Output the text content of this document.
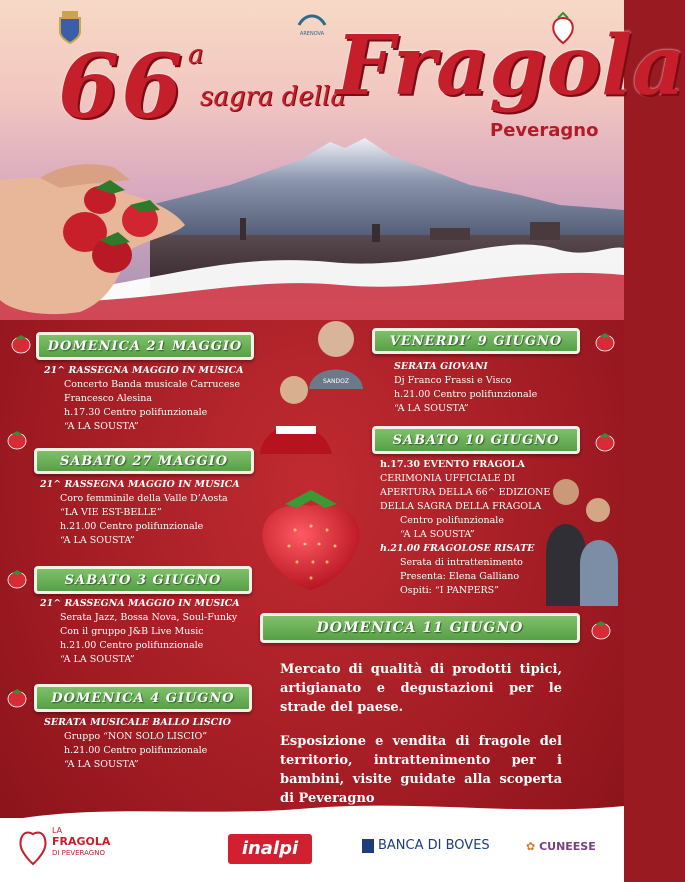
ARENOVA
66 a
sagra della
Fragola
Peveragno
SANDOZ
DOMENICA 21 MAGGIO
21^ RASSEGNA MAGGIO IN MUSICA
Concerto Banda musicale Carrucese
Francesco Alesina
h.17.30 Centro polifunzionale
“A LA SOUSTA”
SABATO 27 MAGGIO
21^ RASSEGNA MAGGIO IN MUSICA
Coro femminile della Valle D’Aosta
“LA VIE EST-BELLE”
h.21.00 Centro polifunzionale
“A LA SOUSTA”
SABATO 3 GIUGNO
21^ RASSEGNA MAGGIO IN MUSICA
Serata Jazz, Bossa Nova, Soul-Funky
Con il gruppo J&B Live Music
h.21.00 Centro polifunzionale
“A LA SOUSTA”
DOMENICA 4 GIUGNO
SERATA MUSICALE BALLO LISCIO
Gruppo “NON SOLO LISCIO”
h.21.00 Centro polifunzionale
“A LA SOUSTA”
VENERDI’ 9 GIUGNO
SERATA GIOVANI
Dj Franco Frassi e Visco
h.21.00 Centro polifunzionale
“A LA SOUSTA”
SABATO 10 GIUGNO
h.17.30 EVENTO FRAGOLA
CERIMONIA UFFICIALE DI
APERTURA DELLA 66^ EDIZIONE
DELLA SAGRA DELLA FRAGOLA
Centro polifunzionale
“A LA SOUSTA”
h.21.00 FRAGOLOSE RISATE
Serata di intrattenimento
Presenta: Elena Galliano
Ospiti: “I PANPERS”
DOMENICA 11 GIUGNO
Mercato di qualità di prodotti tipici, artigianato e degustazioni per le strade del paese.
Esposizione e vendita di fragole del territorio, intrattenimento per i bambini, visite guidate alla scoperta di Peveragno
LA
FRAGOLA
DI PEVERAGNO	inalpi	BANCA DI BOVES	✿ CUNEESE
